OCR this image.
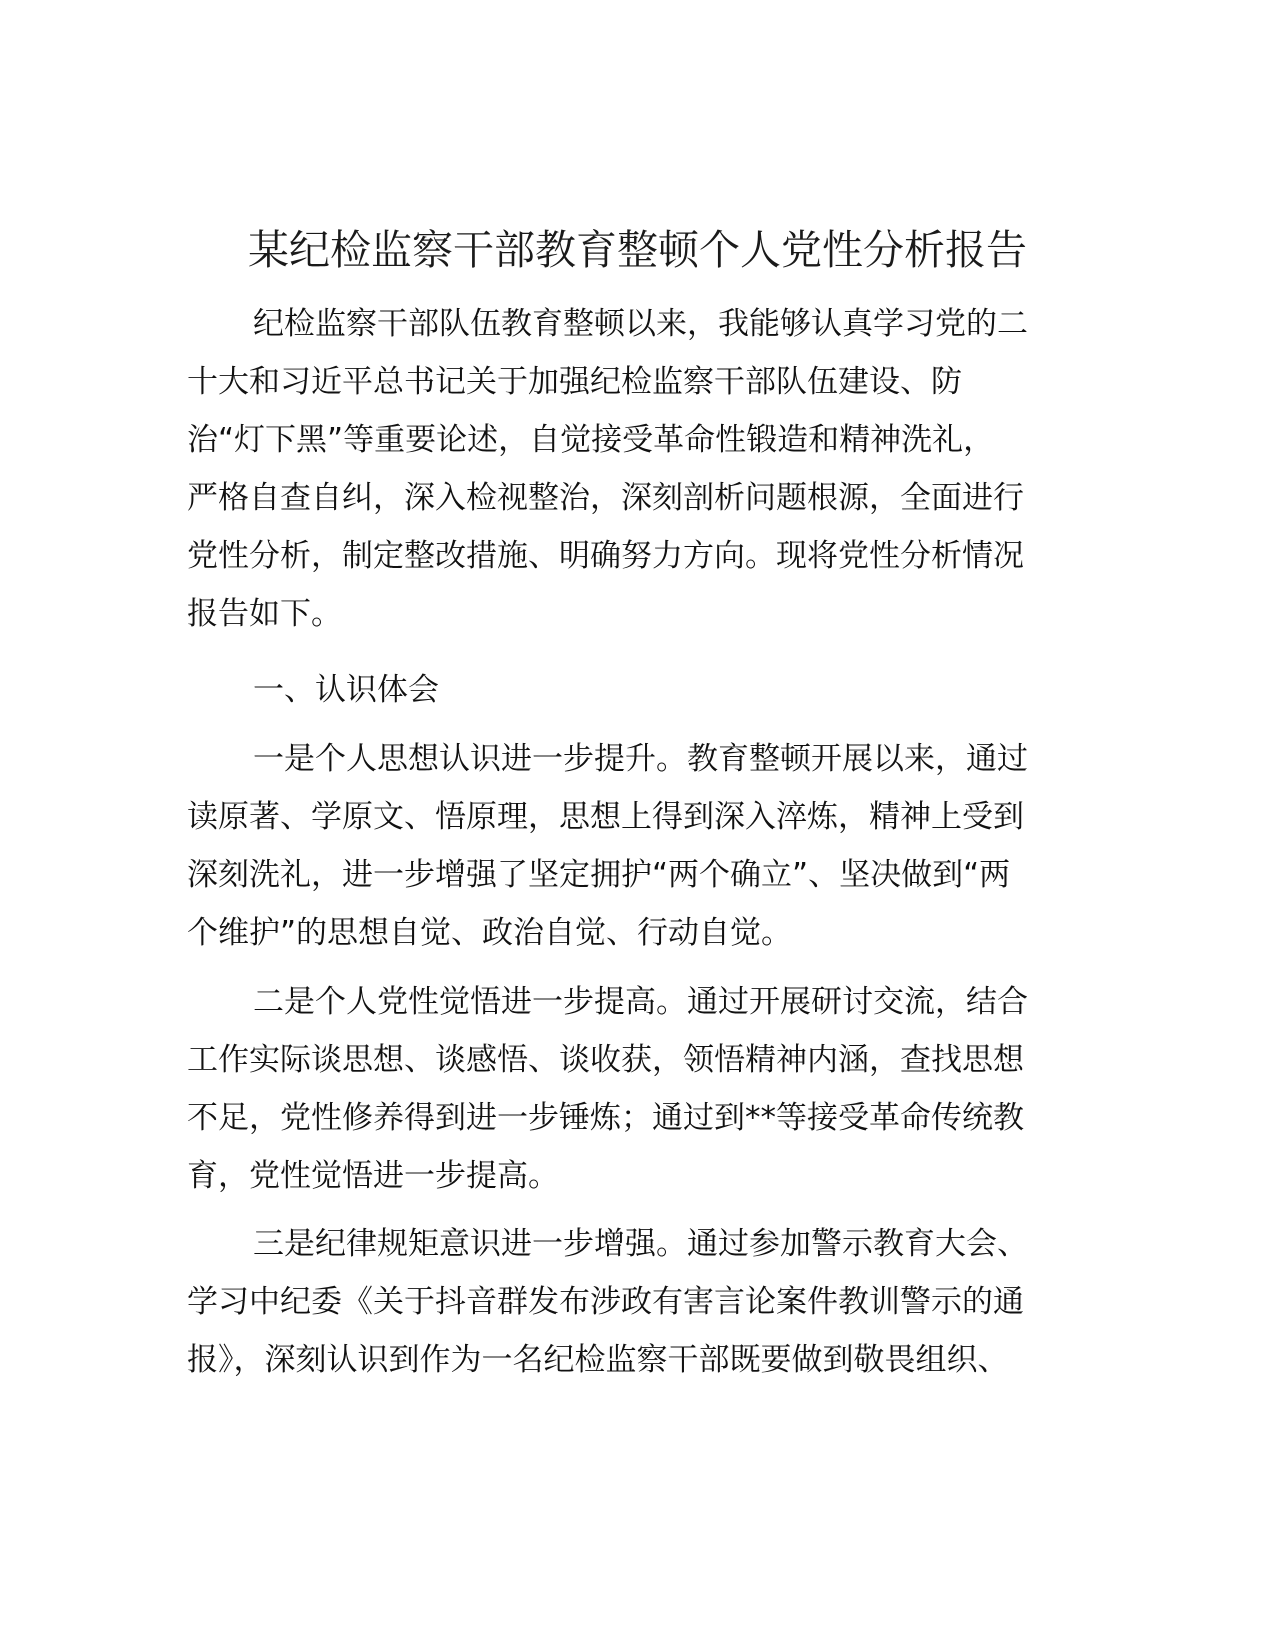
某纪检监察干部教育整顿个人党性分析报告
纪检监察干部队伍教育整顿以来，我能够认真学习党的二
十大和习近平总书记关于加强纪检监察干部队伍建设、防
治“灯下黑”等重要论述，自觉接受革命性锻造和精神洗礼，
严格自查自纠，深入检视整治，深刻剖析问题根源，全面进行
党性分析，制定整改措施、明确努力方向。现将党性分析情况
报告如下。
一、认识体会
一是个人思想认识进一步提升。教育整顿开展以来，通过
读原著、学原文、悟原理，思想上得到深入淬炼，精神上受到
深刻洗礼，进一步增强了坚定拥护“两个确立”、坚决做到“两
个维护”的思想自觉、政治自觉、行动自觉。
二是个人党性觉悟进一步提高。通过开展研讨交流，结合
工作实际谈思想、谈感悟、谈收获，领悟精神内涵，查找思想
不足，党性修养得到进一步锤炼；通过到**等接受革命传统教
育，党性觉悟进一步提高。
三是纪律规矩意识进一步增强。通过参加警示教育大会、
学习中纪委《关于抖音群发布涉政有害言论案件教训警示的通
报》，深刻认识到作为一名纪检监察干部既要做到敬畏组织、
